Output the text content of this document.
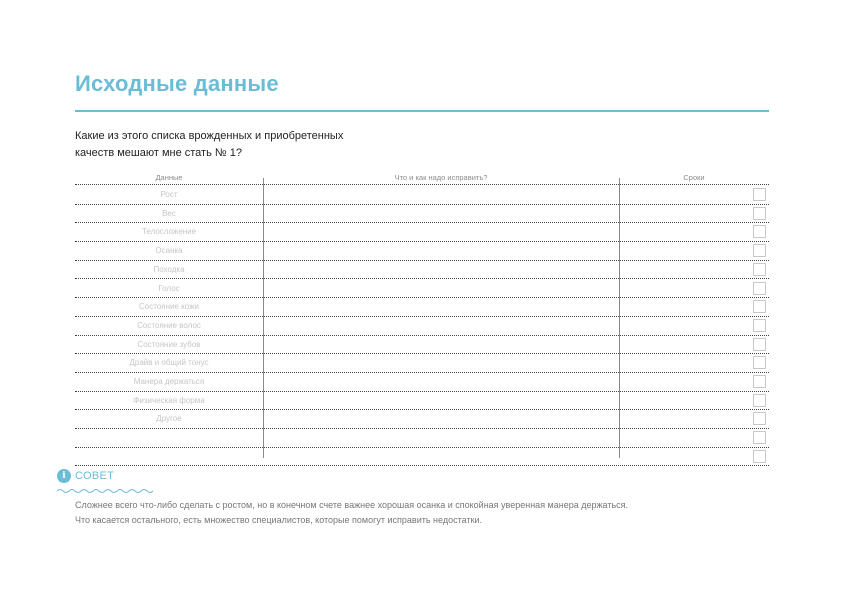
Исходные данные
Какие из этого списка врожденных и приобретенных
качеств мешают мне стать № 1?
Данные	Что и как надо исправить?	Сроки
Рост
Вес
Телосложение
Осанка
Походка
Голос
Состояние кожи
Состояние волос
Состояние зубов
Драйв и общий тонус
Манера держаться
Физическая форма
Другое
i СОВЕТ
Сложнее всего что-либо сделать с ростом, но в конечном счете важнее хорошая осанка и спокойная уверенная манера держаться.
Что касается остального, есть множество специалистов, которые помогут исправить недостатки.
